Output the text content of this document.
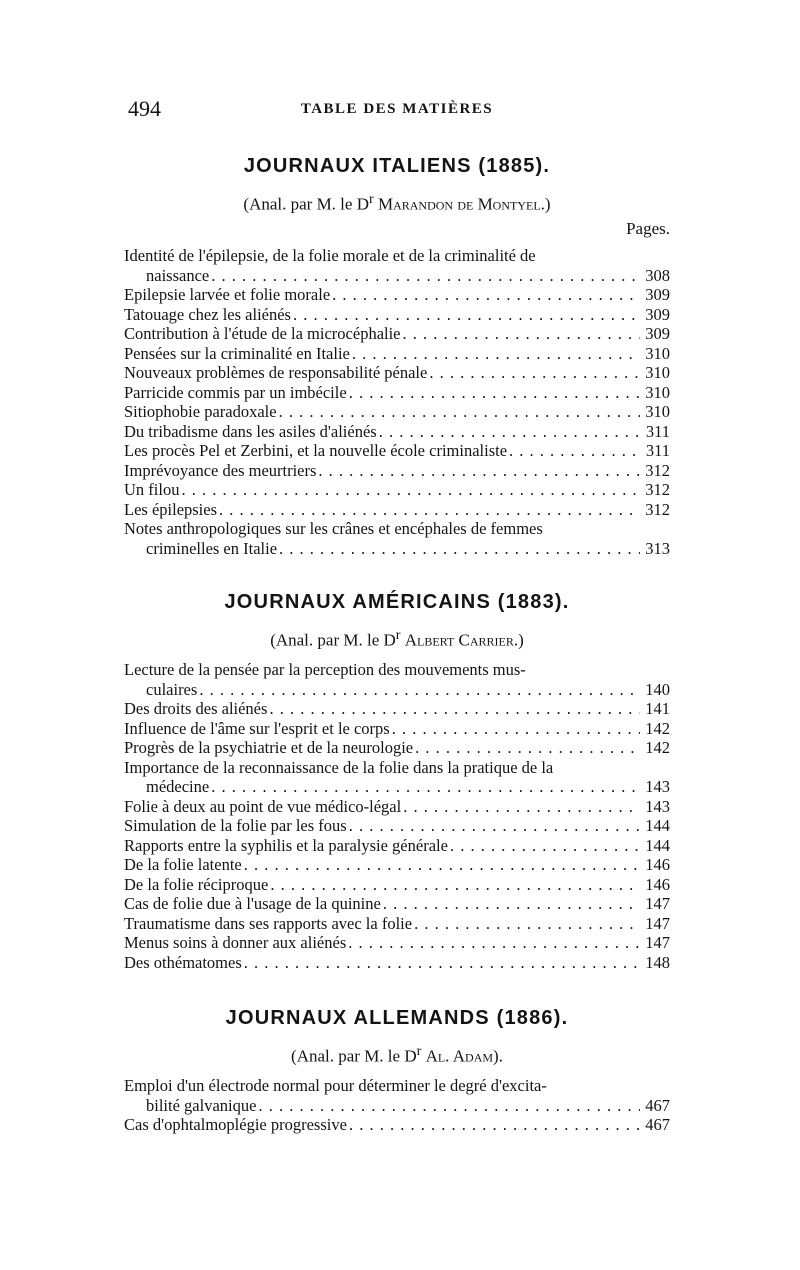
494	TABLE DES MATIÈRES
JOURNAUX ITALIENS (1885).
(Anal. par M. le $D^r$ Marandon de Montyel.)
Pages.
Identité de l'épilepsie, de la folie morale et de la criminalité de
naissance . . .	308
Epilepsie larvée et folie morale . . .	309
Tatouage chez les aliénés . . .	309
Contribution à l'étude de la microcéphalie . . .	309
Pensées sur la criminalité en Italie . . .	310
Nouveaux problèmes de responsabilité pénale . . .	310
Parricide commis par un imbécile . . .	310
Sitiophobie paradoxale . . .	310
Du tribadisme dans les asiles d'aliénés . . .	311
Les procès Pel et Zerbini, et la nouvelle école criminaliste . . .	311
Imprévoyance des meurtriers . . .	312
Un filou . . .	312
Les épilepsies . . .	312
Notes anthropologiques sur les crânes et encéphales de femmes
criminelles en Italie . . .	313
JOURNAUX AMÉRICAINS (1883).
(Anal. par M. le $D^r$ Albert Carrier.)
Lecture de la pensée par la perception des mouvements mus-
culaires . . .	140
Des droits des aliénés . . .	141
Influence de l'âme sur l'esprit et le corps . . .	142
Progrès de la psychiatrie et de la neurologie . . .	142
Importance de la reconnaissance de la folie dans la pratique de la
médecine . . .	143
Folie à deux au point de vue médico-légal . . .	143
Simulation de la folie par les fous . . .	144
Rapports entre la syphilis et la paralysie générale . . .	144
De la folie latente . . .	146
De la folie réciproque . . .	146
Cas de folie due à l'usage de la quinine . . .	147
Traumatisme dans ses rapports avec la folie . . .	147
Menus soins à donner aux aliénés . . .	147
Des othématomes . . .	148
JOURNAUX ALLEMANDS (1886).
(Anal. par M. le $D^r$ Al. Adam).
Emploi d'un électrode normal pour déterminer le degré d'excita-
bilité galvanique . . .	467
Cas d'ophtalmoplégie progressive . . .	467
